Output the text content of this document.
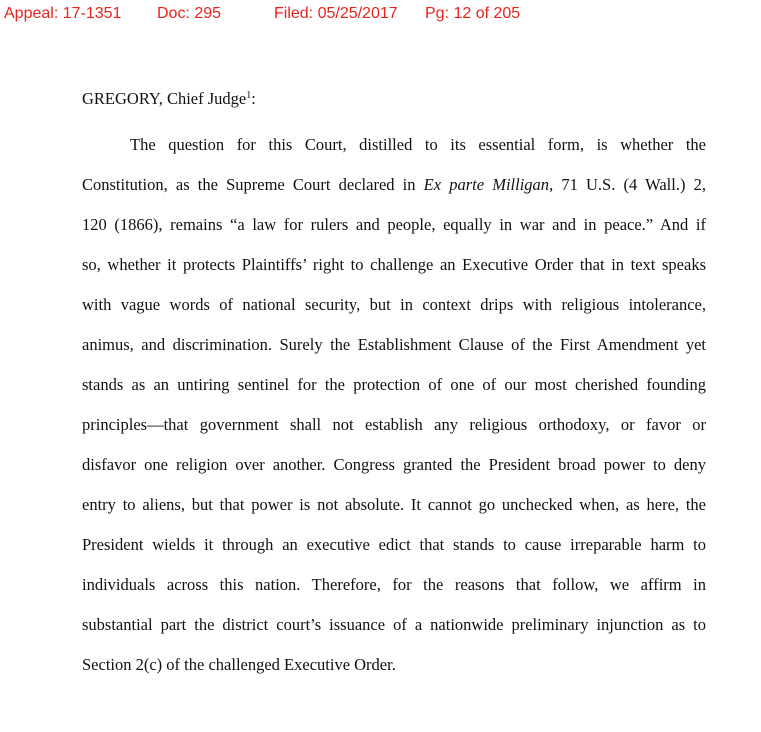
Appeal: 17-1351 Doc: 295	Filed: 05/25/2017 Pg: 12 of 205
GREGORY, Chief Judge$^1$:
The question for this Court, distilled to its essential form, is whether the
Constitution, as the Supreme Court declared in Ex parte Milligan, 71 U.S. (4 Wall.) 2,
120 (1866), remains “a law for rulers and people, equally in war and in peace.” And if
so, whether it protects Plaintiffs’ right to challenge an Executive Order that in text speaks
with vague words of national security, but in context drips with religious intolerance,
animus, and discrimination. Surely the Establishment Clause of the First Amendment yet
stands as an untiring sentinel for the protection of one of our most cherished founding
principles—that government shall not establish any religious orthodoxy, or favor or
disfavor one religion over another. Congress granted the President broad power to deny
entry to aliens, but that power is not absolute. It cannot go unchecked when, as here, the
President wields it through an executive edict that stands to cause irreparable harm to
individuals across this nation. Therefore, for the reasons that follow, we affirm in
substantial part the district court’s issuance of a nationwide preliminary injunction as to
Section 2(c) of the challenged Executive Order.
